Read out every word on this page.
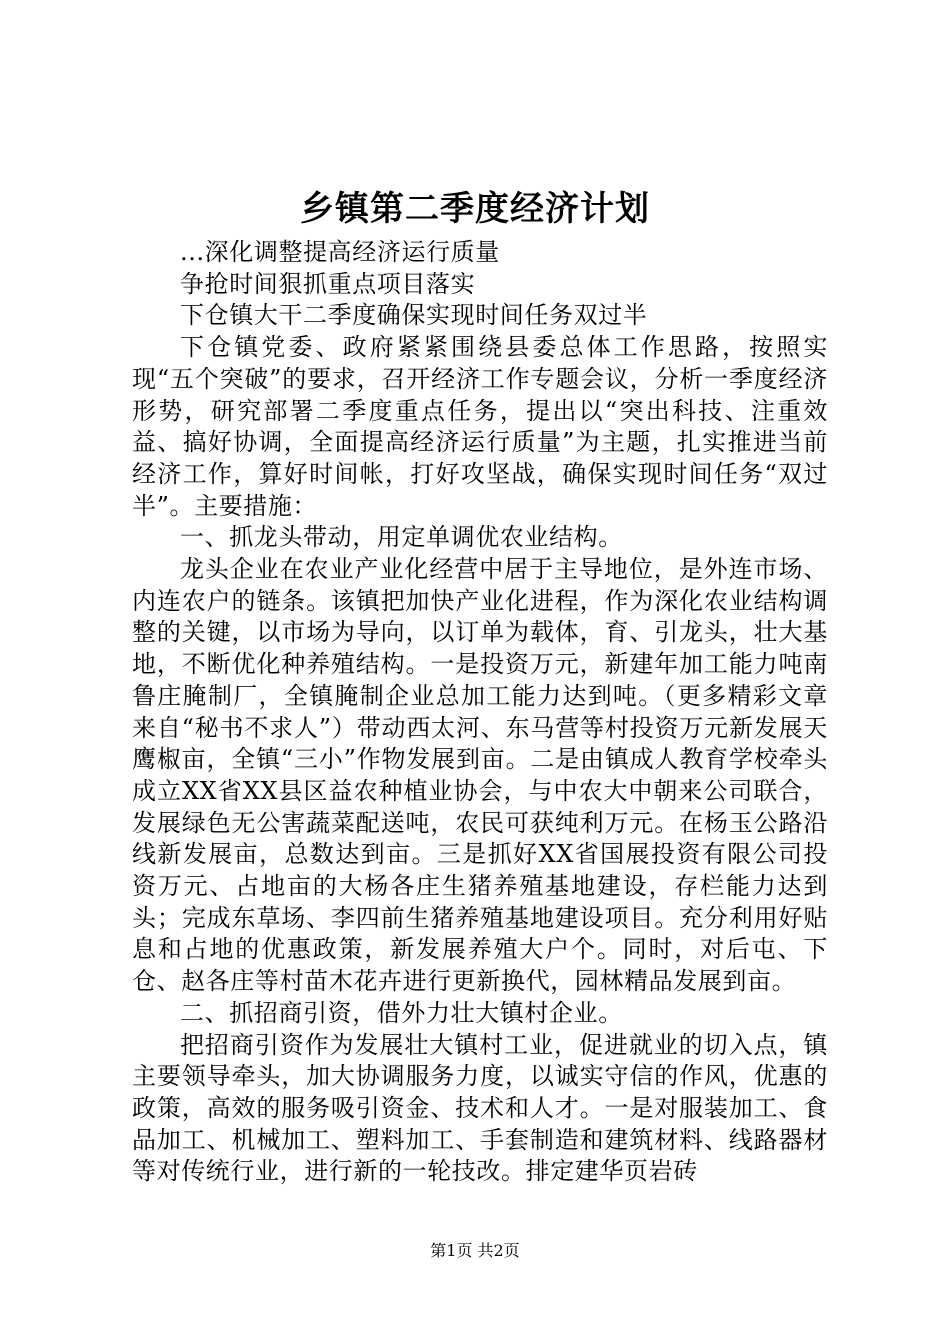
乡镇第二季度经济计划

...深化调整提高经济运行质量

争抢时间狠抓重点项目落实

下仓镇大干二季度确保实现时间任务双过半

下仓镇党委、政府紧紧围绕县委总体工作思路，按照实现“五个突破”的要求，召开经济工作专题会议，分析一季度经济形势，研究部署二季度重点任务，提出以“突出科技、注重效益、搞好协调，全面提高经济运行质量”为主题，扎实推进当前经济工作，算好时间帐，打好攻坚战，确保实现时间任务“双过半”。主要措施：

一、抓龙头带动，用定单调优农业结构。

龙头企业在农业产业化经营中居于主导地位，是外连市场、内连农户的链条。该镇把加快产业化进程，作为深化农业结构调整的关键，以市场为导向，以订单为载体，育、引龙头，壮大基地，不断优化种养殖结构。一是投资万元，新建年加工能力吨南鲁庄腌制厂，全镇腌制企业总加工能力达到吨。（更多精彩文章来自“秘书不求人”）带动西太河、东马营等村投资万元新发展天鹰椒亩，全镇“三小”作物发展到亩。二是由镇成人教育学校牵头成立XX省XX县区益农种植业协会，与中农大中朝来公司联合，发展绿色无公害蔬菜配送吨，农民可获纯利万元。在杨玉公路沿线新发展亩，总数达到亩。三是抓好XX省国展投资有限公司投资万元、占地亩的大杨各庄生猪养殖基地建设，存栏能力达到头；完成东草场、李四前生猪养殖基地建设项目。充分利用好贴息和占地的优惠政策，新发展养殖大户个。同时，对后屯、下仓、赵各庄等村苗木花卉进行更新换代，园林精品发展到亩。

二、抓招商引资，借外力壮大镇村企业。

把招商引资作为发展壮大镇村工业，促进就业的切入点，镇主要领导牵头，加大协调服务力度，以诚实守信的作风，优惠的政策，高效的服务吸引资金、技术和人才。一是对服装加工、食品加工、机械加工、塑料加工、手套制造和建筑材料、线路器材等对传统行业，进行新的一轮技改。排定建华页岩砖

第1页 共2页
